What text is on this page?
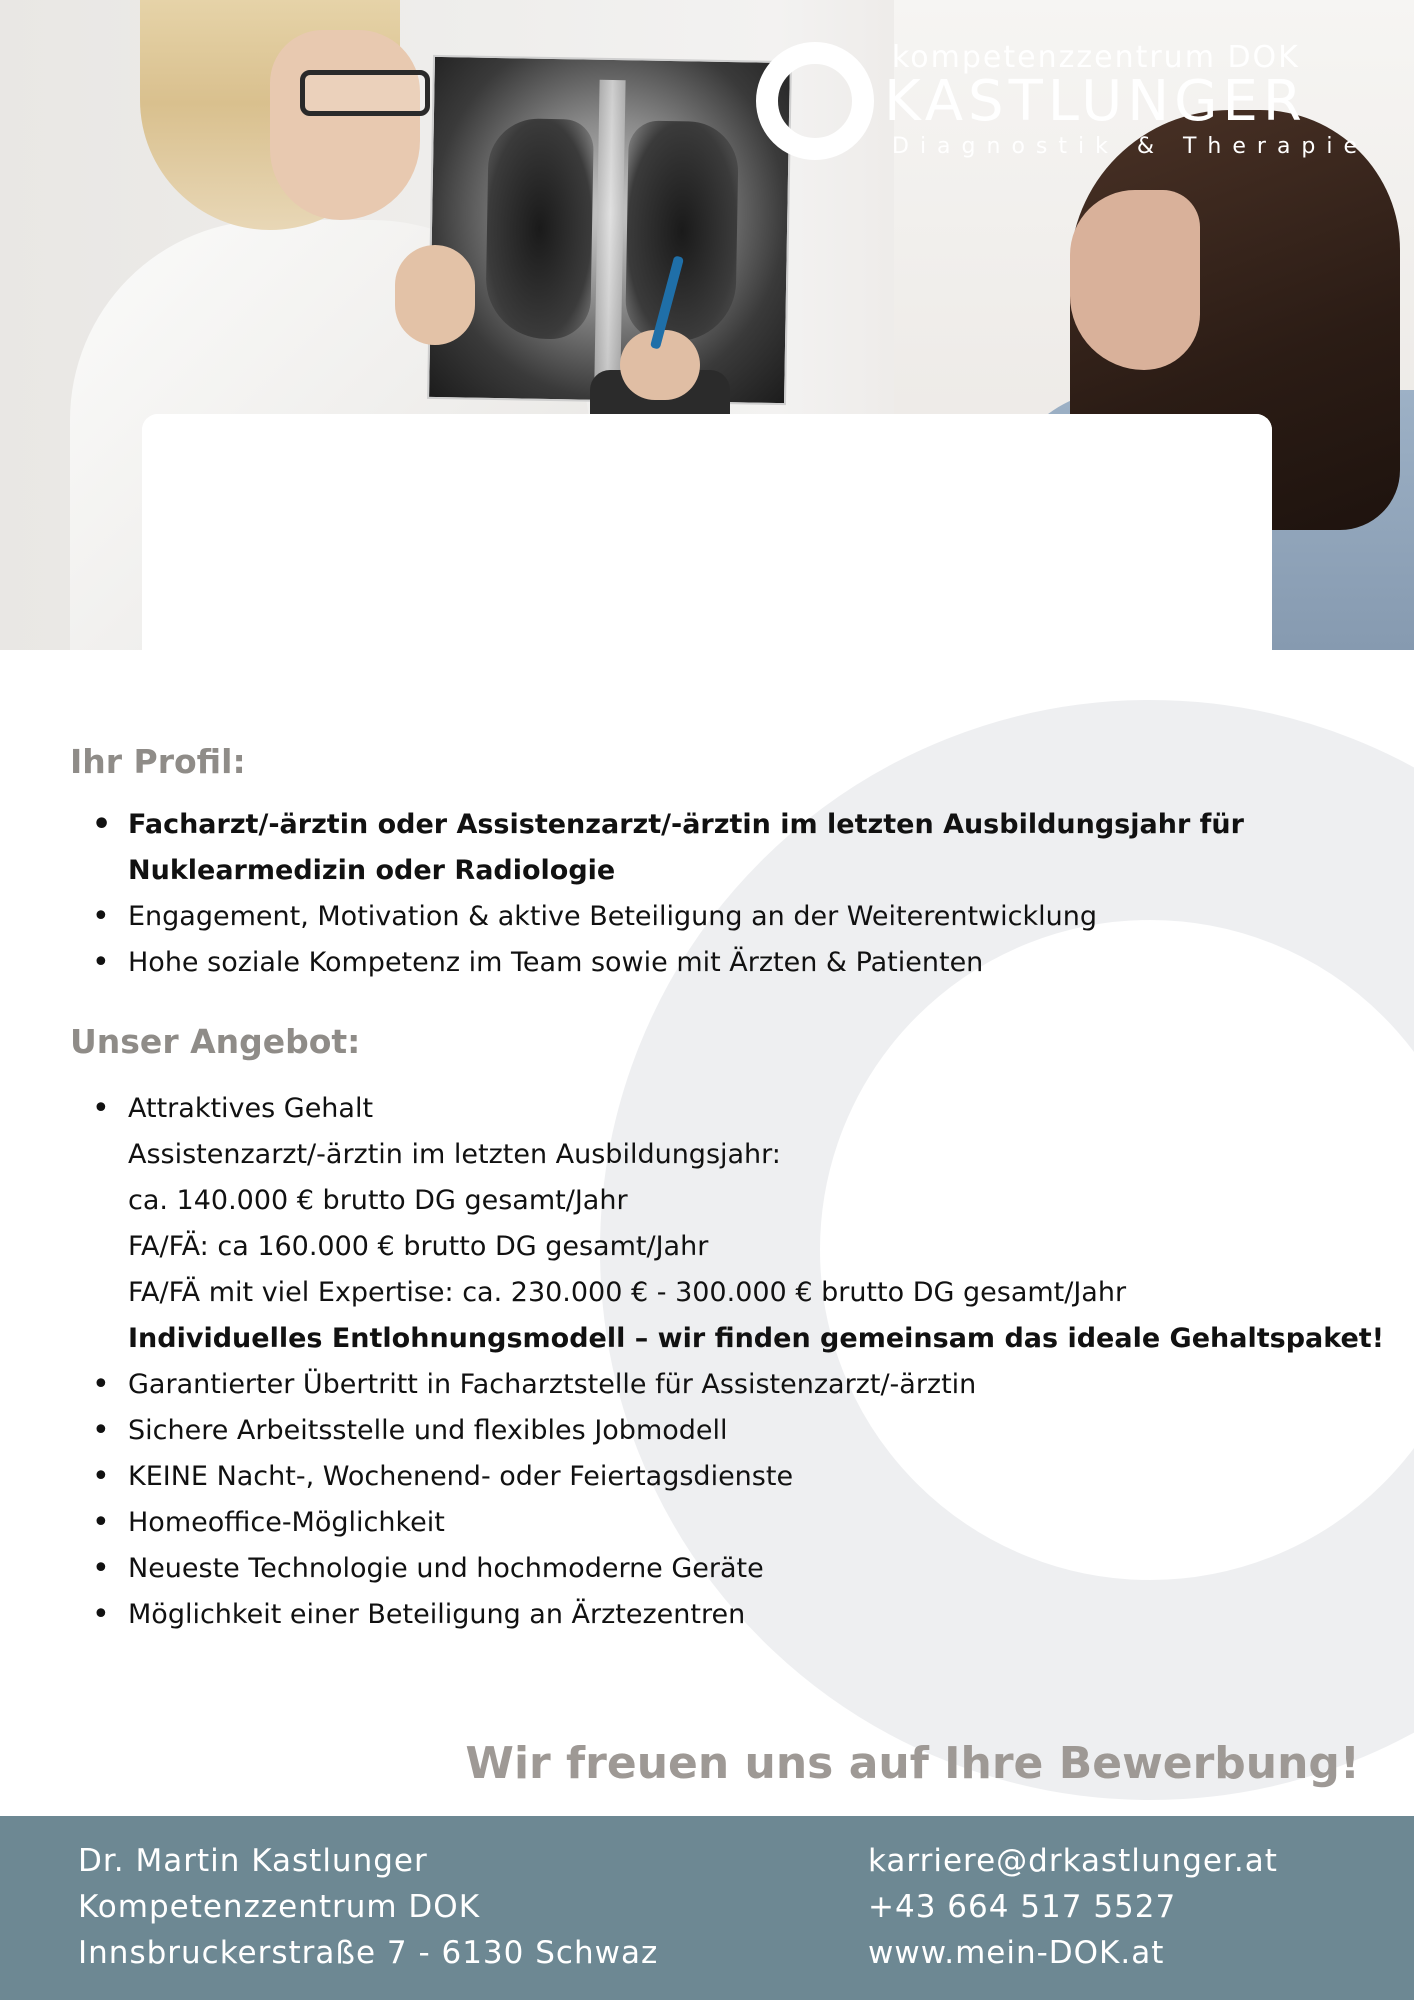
kompetenzzentrum DOK
KASTLUNGER
Diagnostik & Therapie
Wir suchen Verstärkung in
Schwaz / Hall in Tirol / Wörgl
Vollzeit/Teilzeit
FACHARZT I FACHÄRZTIN
FÜR NUKLEARMEDIZIN ODER RADIOLOGIE
Ihr Profil:
• Facharzt/-ärztin oder Assistenzarzt/-ärztin im letzten Ausbildungsjahr für
Nuklearmedizin oder Radiologie
• Engagement, Motivation & aktive Beteiligung an der Weiterentwicklung
• Hohe soziale Kompetenz im Team sowie mit Ärzten & Patienten
Unser Angebot:
• Attraktives Gehalt
Assistenzarzt/-ärztin im letzten Ausbildungsjahr:
ca. 140.000 € brutto DG gesamt/Jahr
FA/FÄ: ca 160.000 € brutto DG gesamt/Jahr
FA/FÄ mit viel Expertise: ca. 230.000 € - 300.000 € brutto DG gesamt/Jahr
Individuelles Entlohnungsmodell – wir finden gemeinsam das ideale Gehaltspaket!
• Garantierter Übertritt in Facharztstelle für Assistenzarzt/-ärztin
• Sichere Arbeitsstelle und flexibles Jobmodell
• KEINE Nacht-, Wochenend- oder Feiertagsdienste
• Homeoffice-Möglichkeit
• Neueste Technologie und hochmoderne Geräte
• Möglichkeit einer Beteiligung an Ärztezentren
Wir freuen uns auf Ihre Bewerbung!
Dr. Martin Kastlunger
Kompetenzzentrum DOK
Innsbruckerstraße 7 - 6130 Schwaz
karriere@drkastlunger.at
+43 664 517 5527
www.mein-DOK.at
